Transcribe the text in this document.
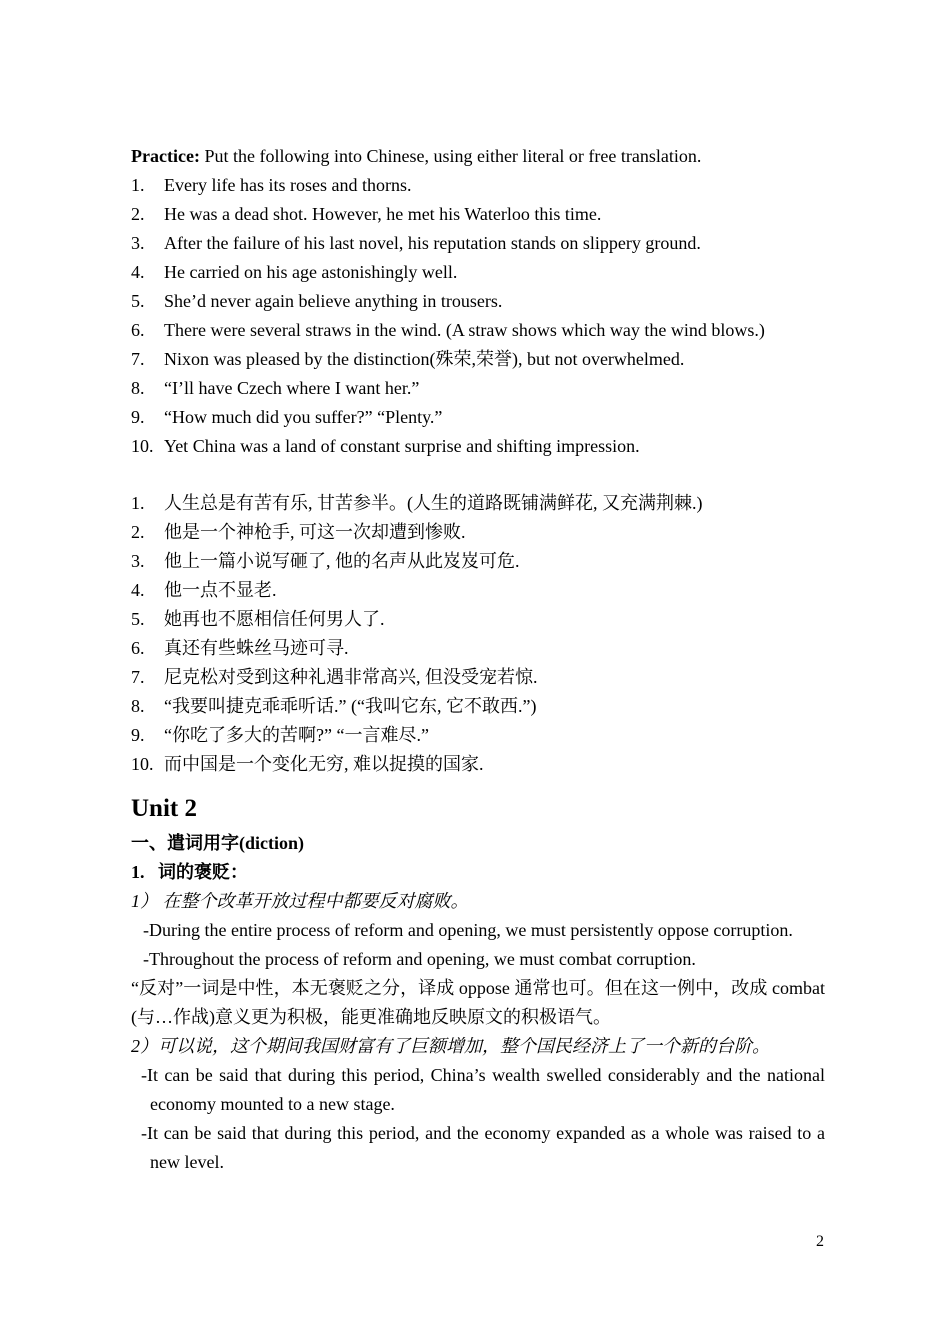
Practice: Put the following into Chinese, using either literal or free translation.
1.	Every life has its roses and thorns.
2.	He was a dead shot. However, he met his Waterloo this time.
3.	After the failure of his last novel, his reputation stands on slippery ground.
4.	He carried on his age astonishingly well.
5.	She’d never again believe anything in trousers.
6.	There were several straws in the wind. (A straw shows which way the wind blows.)
7.	Nixon was pleased by the distinction(殊荣,荣誉), but not overwhelmed.
8.	“I’ll have Czech where I want her.”
9.	“How much did you suffer?” “Plenty.”
10. Yet China was a land of constant surprise and shifting impression.
1.	人生总是有苦有乐, 甘苦参半。(人生的道路既铺满鲜花, 又充满荆棘.)
2.	他是一个神枪手, 可这一次却遭到惨败.
3.	他上一篇小说写砸了, 他的名声从此岌岌可危.
4.	他一点不显老.
5.	她再也不愿相信任何男人了.
6.	真还有些蛛丝马迹可寻.
7.	尼克松对受到这种礼遇非常高兴, 但没受宠若惊.
8.	“我要叫捷克乖乖听话.” (“我叫它东, 它不敢西.”)
9.	“你吃了多大的苦啊?” “一言难尽.”
10. 而中国是一个变化无穷, 难以捉摸的国家.
Unit 2
一、遣词用字(diction)
1.   词的褒贬：
1） 在整个改革开放过程中都要反对腐败。
-During the entire process of reform and opening, we must persistently oppose corruption.
-Throughout the process of reform and opening, we must combat corruption.
“反对”一词是中性，本无褒贬之分，译成 oppose 通常也可。但在这一例中，改成 combat (与…作战)意义更为积极，能更准确地反映原文的积极语气。
2）可以说，这个期间我国财富有了巨额增加，整个国民经济上了一个新的台阶。
-It can be said that during this period, China’s wealth swelled considerably and the national economy mounted to a new stage.
-It can be said that during this period, and the economy expanded as a whole was raised to a new level.
2
